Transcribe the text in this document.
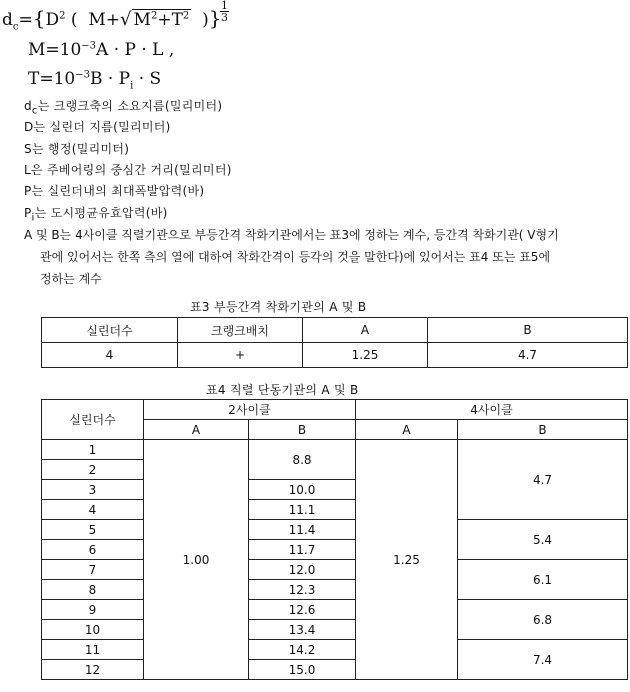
$d_c=\{D^2$ ( M+√ $M^2+T^2$ )}
$\frac{1}{3}$
$M=10^{-3}A \cdot P \cdot L$ ,
$T=10^{-3}B \cdot P_i \cdot S$
$d_c$는 크랭크축의 소요지름(밀리미터)
D는 실린더 지름(밀리미터)
S는 행정(밀리미터)
L은 주베어링의 중심간 거리(밀리미터)
P는 실린더내의 최대폭발압력(바)
$P_i$는 도시평균유효압력(바)
A 및 B는 4사이클 직렬기관으로 부등간격 착화기관에서는 표3에 정하는 계수, 등간격 착화기관( V형기
관에 있어서는 한쪽 측의 열에 대하여 착화간격이 등각의 것을 말한다)에 있어서는 표4 또는 표5에
정하는 계수
표3 부등간격 착화기관의 A 및 B
실린더수	크랭크배치	A	B
4	+	1.25	4.7
표4 직렬 단동기관의 A 및 B
실린더수	2사이클		4사이클	
	A	B	A	B
1	1.00	8.8	1.25	4.7
2				
3		10.0		
4		11.1		
5		11.4		5.4
6		11.7		
7		12.0		6.1
8		12.3		
9		12.6		6.8
10		13.4		
11		14.2		7.4
12		15.0		
